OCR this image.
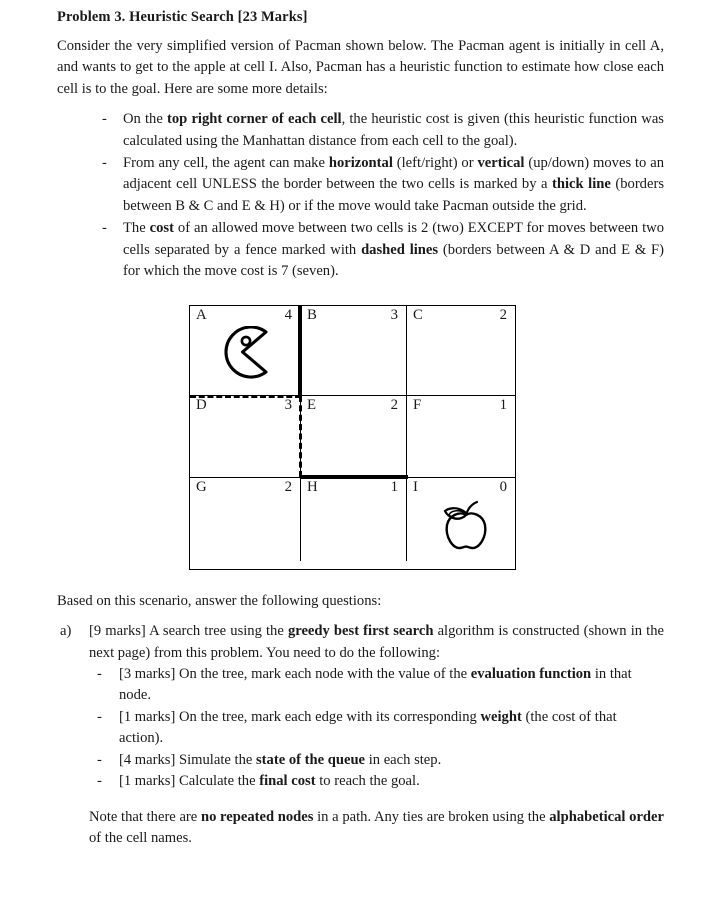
Problem 3. Heuristic Search [23 Marks]

Consider the very simplified version of Pacman shown below. The Pacman agent is initially in cell A, and wants to get to the apple at cell I. Also, Pacman has a heuristic function to estimate how close each cell is to the goal. Here are some more details:

- On the top right corner of each cell, the heuristic cost is given (this heuristic function was calculated using the Manhattan distance from each cell to the goal).
- From any cell, the agent can make horizontal (left/right) or vertical (up/down) moves to an adjacent cell UNLESS the border between the two cells is marked by a thick line (borders between B & C and E & H) or if the move would take Pacman outside the grid.
- The cost of an allowed move between two cells is 2 (two) EXCEPT for moves between two cells separated by a fence marked with dashed lines (borders between A & D and E & F) for which the move cost is 7 (seven).
A	4 B	3 C	2
D	3 E	2 F	1
G	2 H	1 I	0

Based on this scenario, answer the following questions:

a) [9 marks] A search tree using the greedy best first search algorithm is constructed (shown in the next page) from this problem. You need to do the following:
- [3 marks] On the tree, mark each node with the value of the evaluation function in that node.
- [1 marks] On the tree, mark each edge with its corresponding weight (the cost of that action).
- [4 marks] Simulate the state of the queue in each step.
- [1 marks] Calculate the final cost to reach the goal.

Note that there are no repeated nodes in a path. Any ties are broken using the alphabetical order of the cell names.
